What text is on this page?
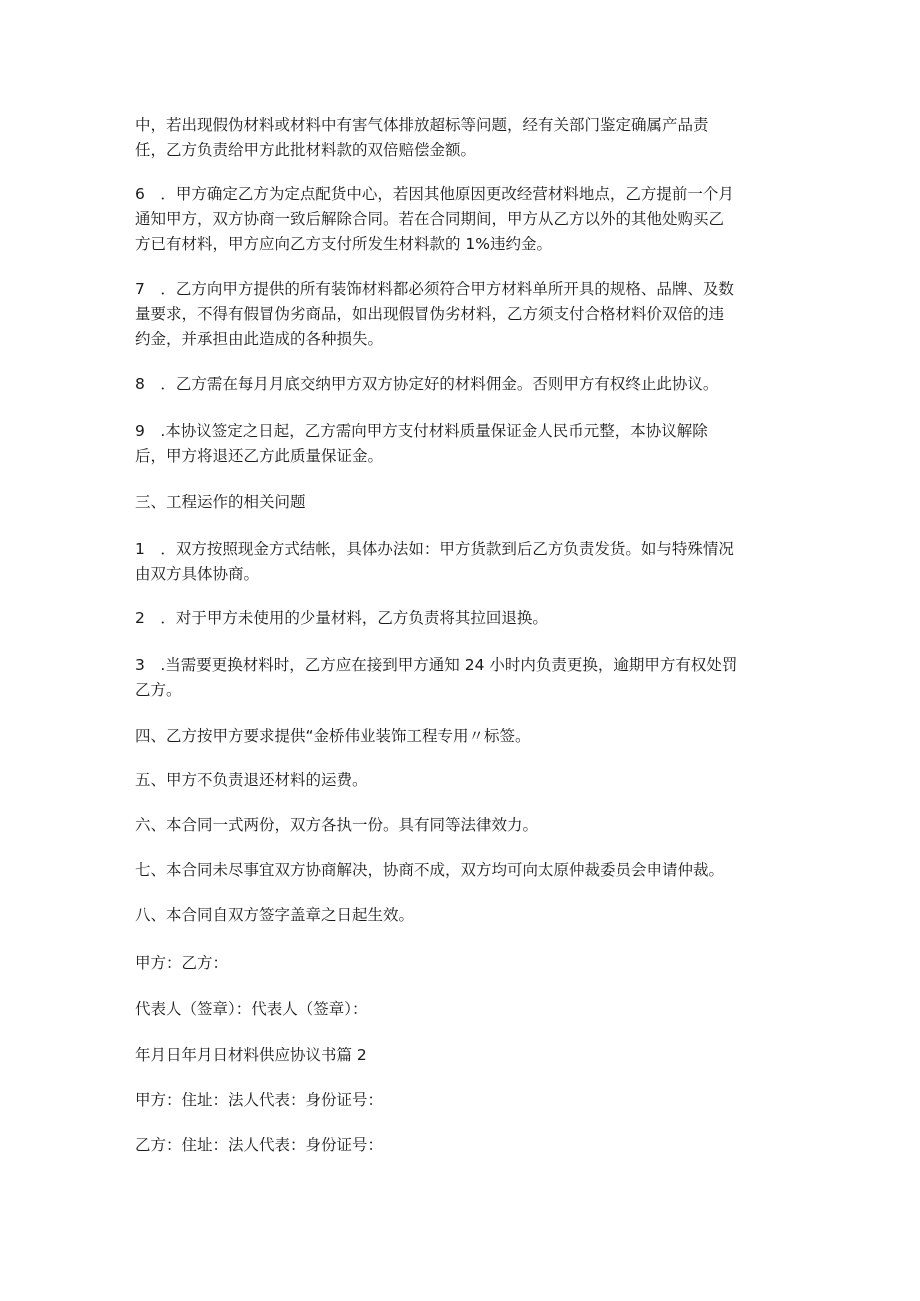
中，若出现假伪材料或材料中有害气体排放超标等问题，经有关部门鉴定确属产品责
任，乙方负责给甲方此批材料款的双倍赔偿金额。
6　．甲方确定乙方为定点配货中心，若因其他原因更改经营材料地点，乙方提前一个月
通知甲方，双方协商一致后解除合同。若在合同期间，甲方从乙方以外的其他处购买乙
方已有材料，甲方应向乙方支付所发生材料款的 1%违约金。
7　．乙方向甲方提供的所有装饰材料都必须符合甲方材料单所开具的规格、品牌、及数
量要求，不得有假冒伪劣商品，如出现假冒伪劣材料，乙方须支付合格材料价双倍的违
约金，并承担由此造成的各种损失。
8　．乙方需在每月月底交纳甲方双方协定好的材料佣金。否则甲方有权终止此协议。
9　.本协议签定之日起，乙方需向甲方支付材料质量保证金人民币元整，本协议解除
后，甲方将退还乙方此质量保证金。
三、工程运作的相关问题
1　．双方按照现金方式结帐，具体办法如：甲方货款到后乙方负责发货。如与特殊情况
由双方具体协商。
2　．对于甲方未使用的少量材料，乙方负责将其拉回退换。
3　.当需要更换材料时，乙方应在接到甲方通知 24 小时内负责更换，逾期甲方有权处罚
乙方。
四、乙方按甲方要求提供“金桥伟业装饰工程专用〃标签。
五、甲方不负责退还材料的运费。
六、本合同一式两份，双方各执一份。具有同等法律效力。
七、本合同未尽事宜双方协商解决，协商不成，双方均可向太原仲裁委员会申请仲裁。
八、本合同自双方签字盖章之日起生效。
甲方：乙方：
代表人（签章）：代表人（签章）：
年月日年月日材料供应协议书篇 2
甲方：住址：法人代表：身份证号：
乙方：住址：法人代表：身份证号：
